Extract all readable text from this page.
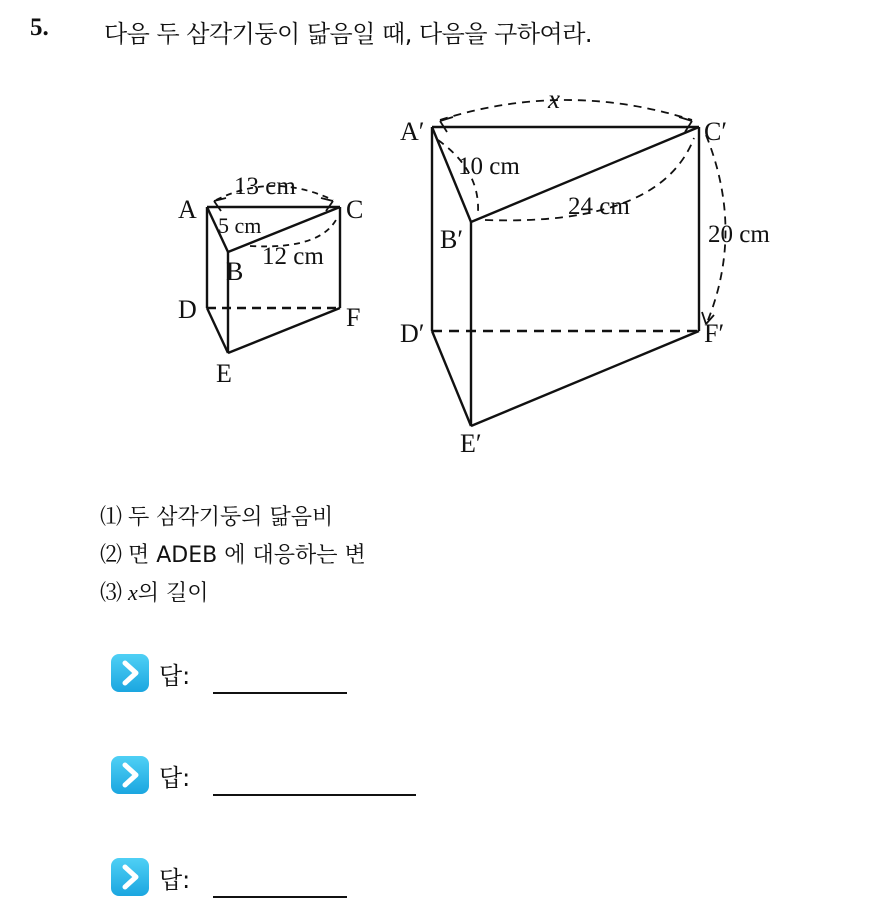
5. 다음 두 삼각기둥이 닮음일 때, 다음을 구하여라.
A
B
C
D
E
F
13 cm
5 cm
12 cm
x
A′	C′
10 cm
24 cm
B′	20 cm
D′	F′
E′
⑴ 두 삼각기둥의 닮음비
⑵ 면 ADEB 에 대응하는 변
⑶ x의 길이
답:
답:
답:
